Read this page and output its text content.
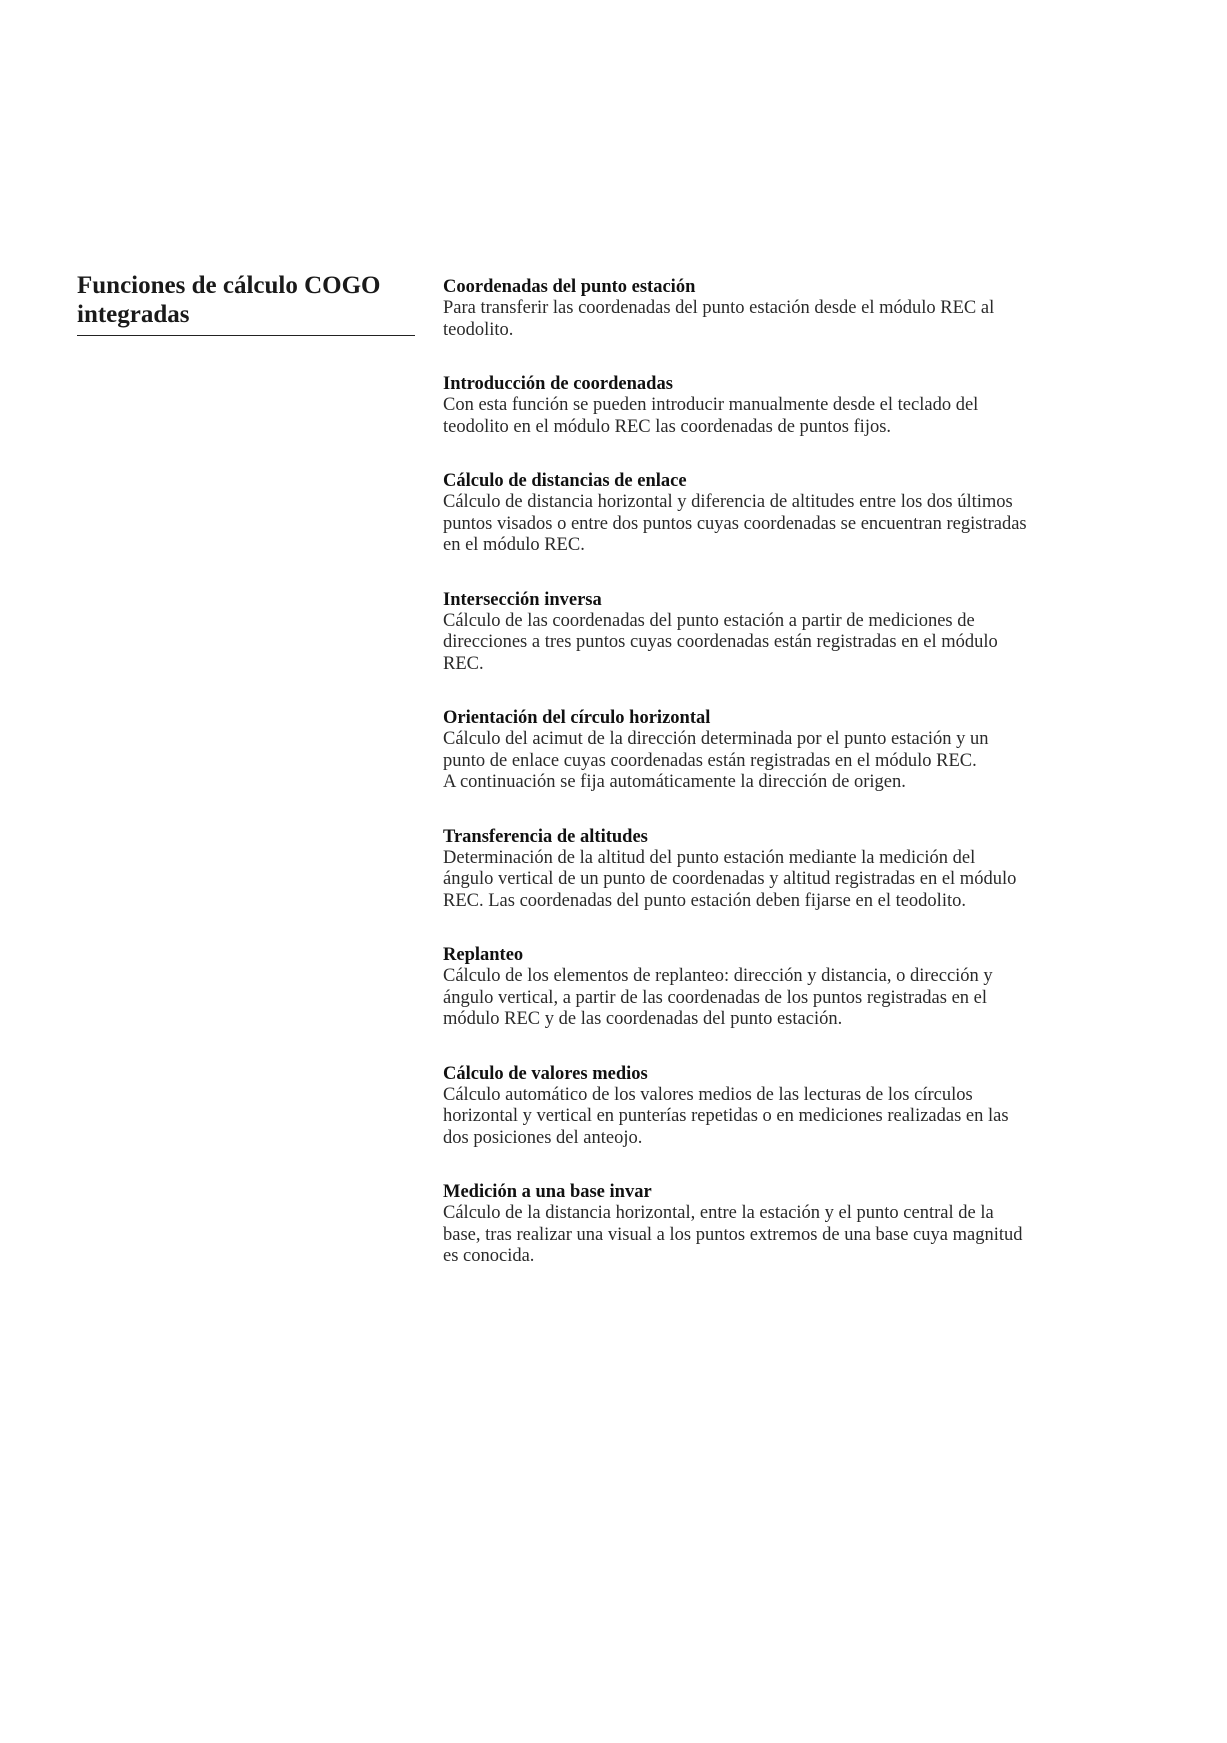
Funciones de cálculo COGO
integradas
Coordenadas del punto estación

Para transferir las coordenadas del punto estación desde el módulo REC al
teodolito.

Introducción de coordenadas

Con esta función se pueden introducir manualmente desde el teclado del
teodolito en el módulo REC las coordenadas de puntos fijos.

Cálculo de distancias de enlace

Cálculo de distancia horizontal y diferencia de altitudes entre los dos últimos
puntos visados o entre dos puntos cuyas coordenadas se encuentran registradas
en el módulo REC.

Intersección inversa

Cálculo de las coordenadas del punto estación a partir de mediciones de
direcciones a tres puntos cuyas coordenadas están registradas en el módulo
REC.

Orientación del círculo horizontal

Cálculo del acimut de la dirección determinada por el punto estación y un
punto de enlace cuyas coordenadas están registradas en el módulo REC.
A continuación se fija automáticamente la dirección de origen.

Transferencia de altitudes

Determinación de la altitud del punto estación mediante la medición del
ángulo vertical de un punto de coordenadas y altitud registradas en el módulo
REC. Las coordenadas del punto estación deben fijarse en el teodolito.

Replanteo

Cálculo de los elementos de replanteo: dirección y distancia, o dirección y
ángulo vertical, a partir de las coordenadas de los puntos registradas en el
módulo REC y de las coordenadas del punto estación.

Cálculo de valores medios

Cálculo automático de los valores medios de las lecturas de los círculos
horizontal y vertical en punterías repetidas o en mediciones realizadas en las
dos posiciones del anteojo.

Medición a una base invar

Cálculo de la distancia horizontal, entre la estación y el punto central de la
base, tras realizar una visual a los puntos extremos de una base cuya magnitud
es conocida.
